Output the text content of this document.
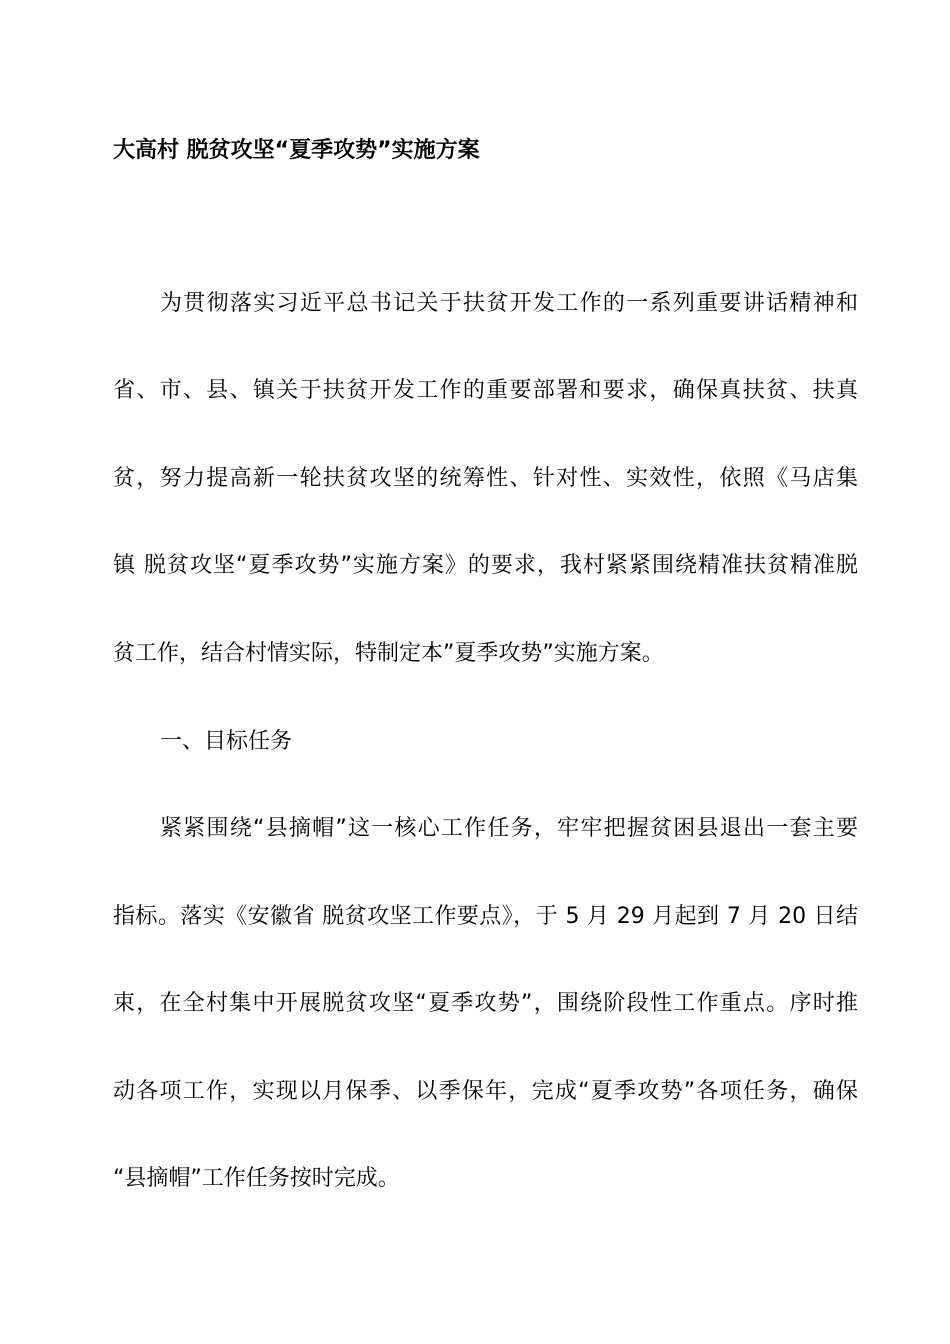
大高村 脱贫攻坚“夏季攻势”实施方案
为贯彻落实习近平总书记关于扶贫开发工作的一系列重要讲话精神和
省、市、县、镇关于扶贫开发工作的重要部署和要求，确保真扶贫、扶真
贫，努力提高新一轮扶贫攻坚的统筹性、针对性、实效性，依照《马店集
镇 脱贫攻坚“夏季攻势”实施方案》的要求，我村紧紧围绕精准扶贫精准脱
贫工作，结合村情实际，特制定本”夏季攻势”实施方案。
一、目标任务
紧紧围绕“县摘帽”这一核心工作任务，牢牢把握贫困县退出一套主要
指标。落实《安徽省 脱贫攻坚工作要点》，于 5 月 29 月起到 7 月 20 日结
束，在全村集中开展脱贫攻坚“夏季攻势”，围绕阶段性工作重点。序时推
动各项工作，实现以月保季、以季保年，完成“夏季攻势”各项任务，确保
“县摘帽”工作任务按时完成。
